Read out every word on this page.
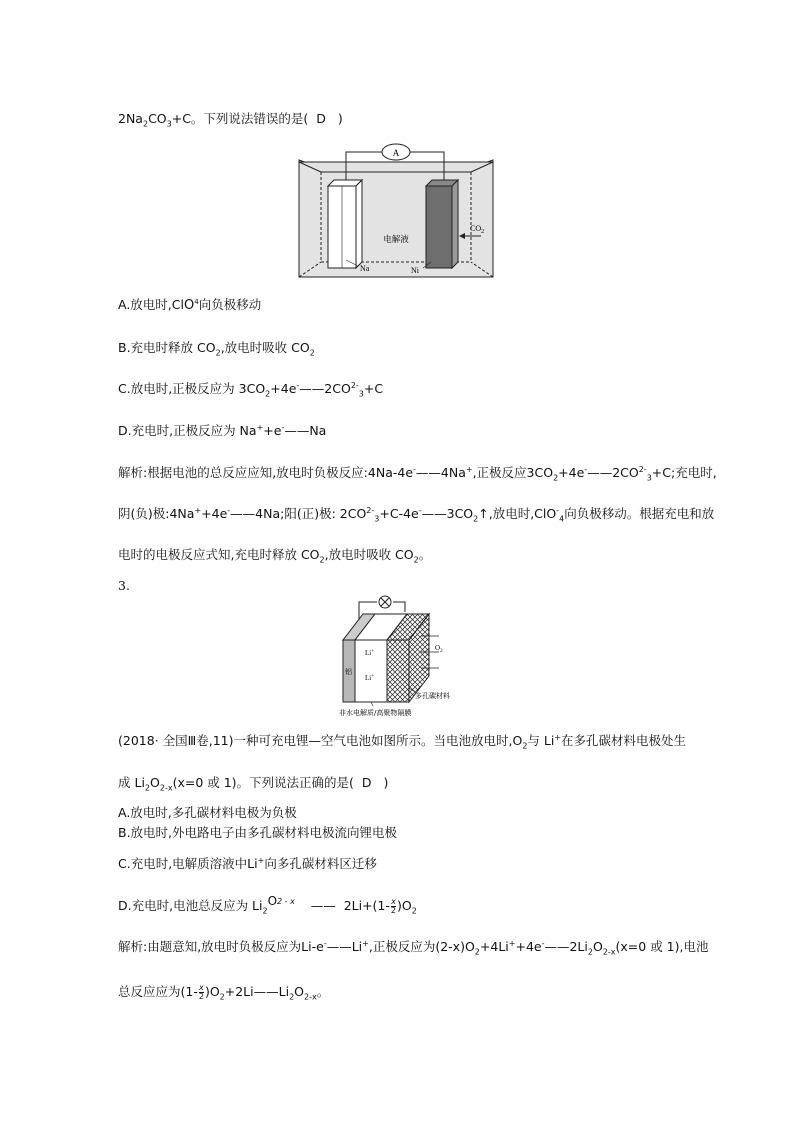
$2Na_2CO_3+C$。下列说法错误的是( D )
A
电解液
Na	Ni
$CO_2$
A.放电时,ClO$^4$向负极移动
B.充电时释放 $CO_2$,放电时吸收 $CO_2$
C.放电时,正极反应为 $3CO_2+4e^-——2CO^{2-}_3+C$
D.充电时,正极反应为 Na++e-——Na
解析:根据电池的总反应应知,放电时负极反应:4Na-4e-——4Na+,正极反应$3CO_2+4e^-——2CO^{2-}_3+C$;充电时,
阴(负)极:4Na++4e-——4Na;阳(正)极: $2CO^{2-}_3+C-4e^-——3CO_2↑$,放电时,ClO-$_4$向负极移动。根据充电和放
电时的电极反应式知,充电时释放 $CO_2$,放电时吸收 $CO_2$。
3.
$O_2$
铝
Li+
Li+
多孔碳材料
非水电解质/高聚物隔膜
(2018· 全国Ⅲ卷,11)一种可充电锂—空气电池如图所示。当电池放电时$,O_2$与 Li+在多孔碳材料电极处生
成 $Li_2O_{2-x}(x=0$ 或 1)。下列说法正确的是( D )
A.放电时,多孔碳材料电极为负极
B.放电时,外电路电子由多孔碳材料电极流向锂电极
C.充电时,电解质溶液中Li+向多孔碳材料区迁移
D.充电时,电池总反应为 $Li_2O^{2 - x}$ —— $2Li+(1- \frac{x}{2} )O_2$
解析:由题意知,放电时负极反应为Li-e-——Li+,正极反应为$(2-x)O_2+4Li^++4e^-——2Li_2O_{2-x}(x=0$ 或 1),电池
总反应应为($1- \frac{x}{2}$ )$O_2+2Li——Li_2O_{2-x}$。
